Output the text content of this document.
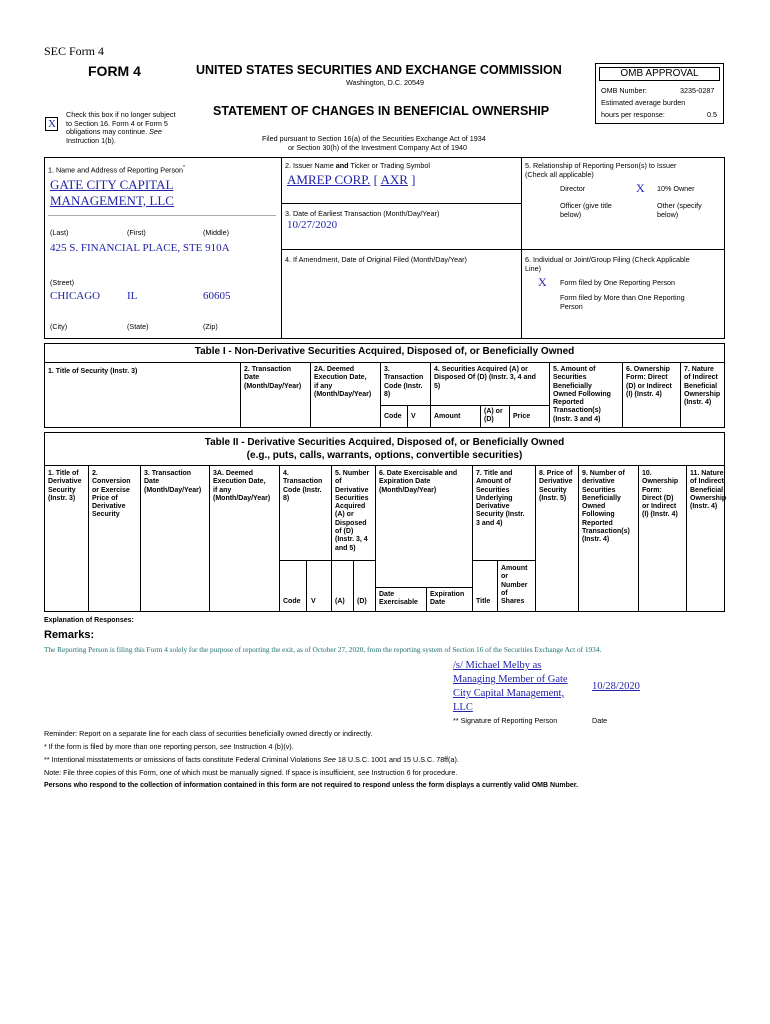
SEC Form 4
FORM 4	UNITED STATES SECURITIES AND EXCHANGE COMMISSION
Washington, D.C. 20549
X
Check this box if no longer subject
to Section 16. Form 4 or Form 5
obligations may continue. See
Instruction 1(b).
STATEMENT OF CHANGES IN BENEFICIAL OWNERSHIP
Filed pursuant to Section 16(a) of the Securities Exchange Act of 1934
or Section 30(h) of the Investment Company Act of 1940
OMB APPROVAL
OMB Number:	3235-0287
Estimated average burden
hours per response:	0.5
1. Name and Address of Reporting Person*
GATE CITY CAPITAL
MANAGEMENT, LLC
(Last)	(First)	(Middle)
425 S. FINANCIAL PLACE, STE 910A
(Street)
CHICAGO IL	60605
(City)	(State)	(Zip)
2. Issuer Name and Ticker or Trading Symbol
AMREP CORP. [ AXR ]
3. Date of Earliest Transaction (Month/Day/Year)
10/27/2020
4. If Amendment, Date of Original Filed (Month/Day/Year)
5. Relationship of Reporting Person(s) to Issuer
(Check all applicable)
Director	X 10% Owner
Officer (give title
below)
Other (specify
below)
6. Individual or Joint/Group Filing (Check Applicable
Line)
X Form filed by One Reporting Person
Form filed by More than One Reporting
Person
Table I - Non-Derivative Securities Acquired, Disposed of, or Beneficially Owned
1. Title of Security (Instr. 3)	2. Transaction
Date
(Month/Day/Year)
2A. Deemed
Execution Date,
if any
(Month/Day/Year)
3.
Transaction
Code (Instr.
8)
4. Securities Acquired (A) or
Disposed Of (D) (Instr. 3, 4 and
5)
5. Amount of
Securities
Beneficially
Owned Following
Reported
Transaction(s)
(Instr. 3 and 4)
6. Ownership
Form: Direct
(D) or Indirect
(I) (Instr. 4)
7. Nature
of Indirect
Beneficial
Ownership
(Instr. 4)
Code V	Amount
(A) or
(D)	Price
Table II - Derivative Securities Acquired, Disposed of, or Beneficially Owned
(e.g., puts, calls, warrants, options, convertible securities)
1. Title of
Derivative
Security
(Instr. 3)
2.
Conversion
or Exercise
Price of
Derivative
Security
3. Transaction
Date
(Month/Day/Year)
3A. Deemed
Execution Date,
if any
(Month/Day/Year)
4.
Transaction
Code (Instr.
8)
5. Number
of
Derivative
Securities
Acquired
(A) or
Disposed
of (D)
(Instr. 3, 4
and 5)
6. Date Exercisable and
Expiration Date
(Month/Day/Year)
7. Title and
Amount of
Securities
Underlying
Derivative
Security (Instr.
3 and 4)
8. Price of
Derivative
Security
(Instr. 5)
9. Number of
derivative
Securities
Beneficially
Owned
Following
Reported
Transaction(s)
(Instr. 4)
10.
Ownership
Form:
Direct (D)
or Indirect
(I) (Instr. 4)
11. Nature
of Indirect
Beneficial
Ownership
(Instr. 4)
Code V	(A) (D)
Date
Exercisable
Expiration
Date	Title
Amount
or
Number
of
Shares
Explanation of Responses:
Remarks:
The Reporting Person is filing this Form 4 solely for the purpose of reporting the exit, as of October 27, 2020, from the reporting system of Section 16 of the Securities Exchange Act of 1934.
/s/ Michael Melby as
Managing Member of Gate
City Capital Management,
LLC
10/28/2020
** Signature of Reporting Person	Date
Reminder: Report on a separate line for each class of securities beneficially owned directly or indirectly.
* If the form is filed by more than one reporting person, see Instruction 4 (b)(v).
** Intentional misstatements or omissions of facts constitute Federal Criminal Violations See 18 U.S.C. 1001 and 15 U.S.C. 78ff(a).
Note: File three copies of this Form, one of which must be manually signed. If space is insufficient, see Instruction 6 for procedure.
Persons who respond to the collection of information contained in this form are not required to respond unless the form displays a currently valid OMB Number.
